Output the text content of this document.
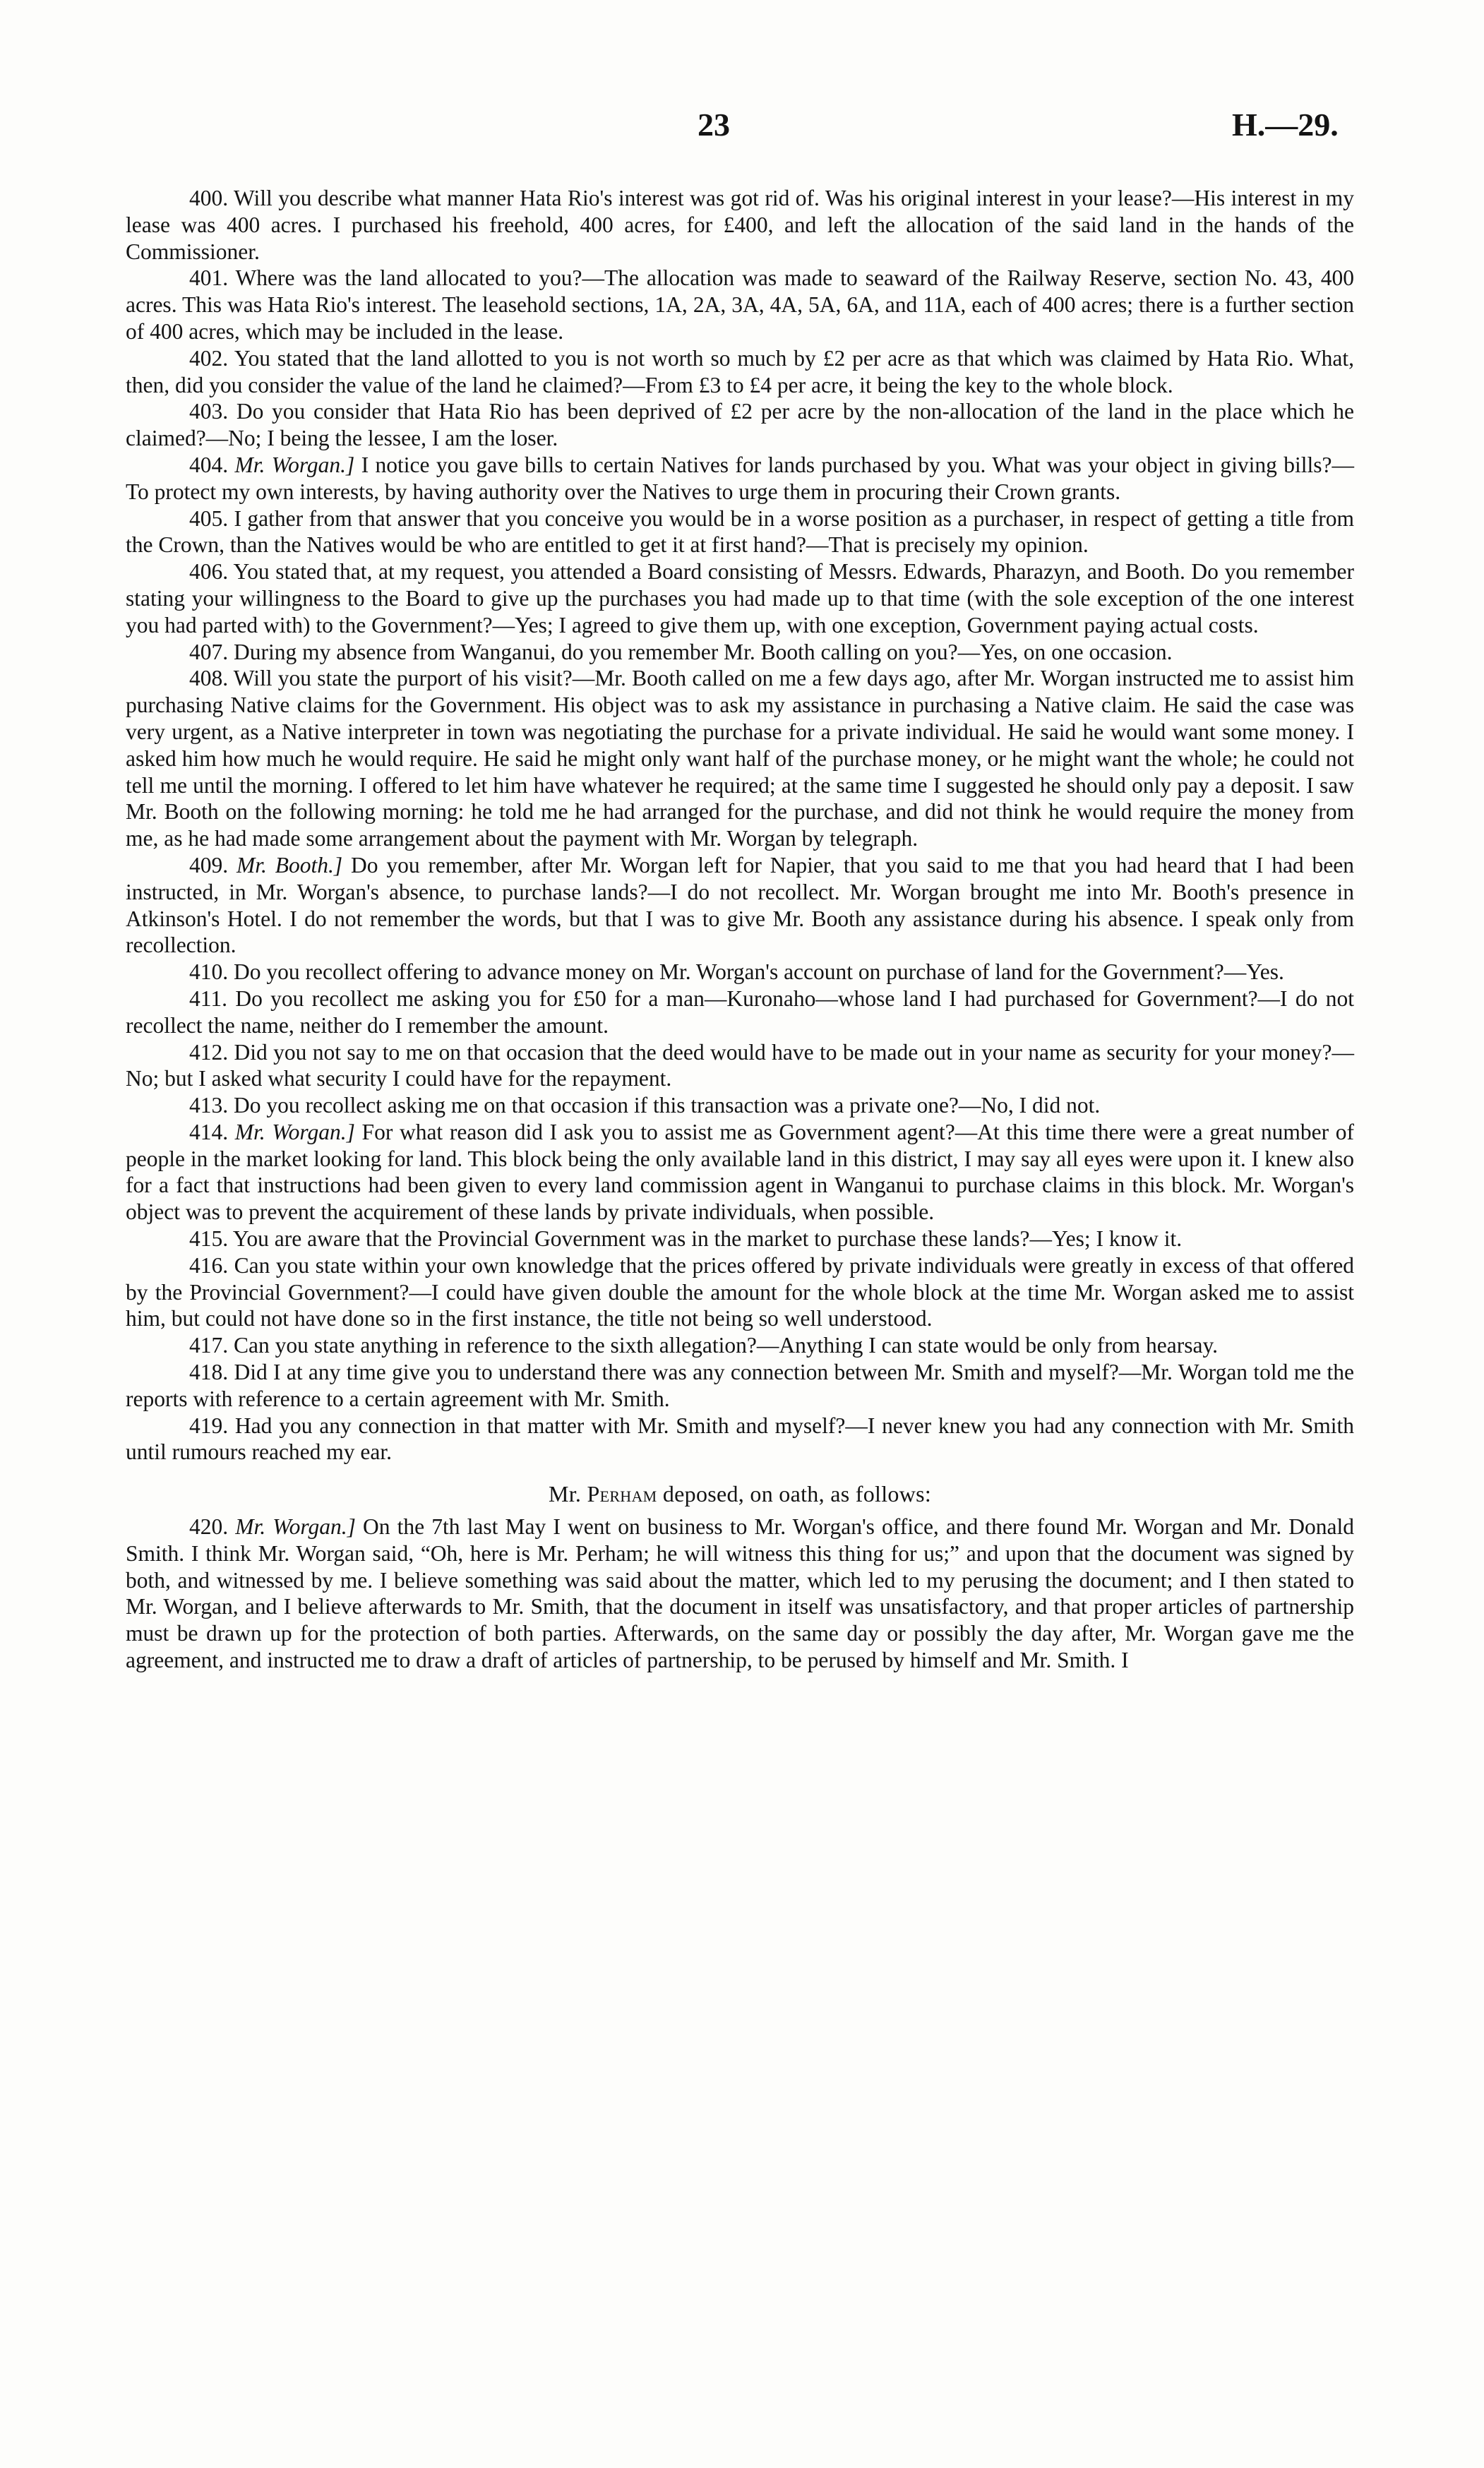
23	H.—29.

400. Will you describe what manner Hata Rio's interest was got rid of. Was his original interest in your lease?—His interest in my lease was 400 acres. I purchased his freehold, 400 acres, for £400, and left the allocation of the said land in the hands of the Commissioner.

401. Where was the land allocated to you?—The allocation was made to seaward of the Railway Reserve, section No. 43, 400 acres. This was Hata Rio's interest. The leasehold sections, 1A, 2A, 3A, 4A, 5A, 6A, and 11A, each of 400 acres; there is a further section of 400 acres, which may be included in the lease.

402. You stated that the land allotted to you is not worth so much by £2 per acre as that which was claimed by Hata Rio. What, then, did you consider the value of the land he claimed?—From £3 to £4 per acre, it being the key to the whole block.

403. Do you consider that Hata Rio has been deprived of £2 per acre by the non-allocation of the land in the place which he claimed?—No; I being the lessee, I am the loser.

404. Mr. Worgan.] I notice you gave bills to certain Natives for lands purchased by you. What was your object in giving bills?—To protect my own interests, by having authority over the Natives to urge them in procuring their Crown grants.

405. I gather from that answer that you conceive you would be in a worse position as a purchaser, in respect of getting a title from the Crown, than the Natives would be who are entitled to get it at first hand?—That is precisely my opinion.

406. You stated that, at my request, you attended a Board consisting of Messrs. Edwards, Pharazyn, and Booth. Do you remember stating your willingness to the Board to give up the purchases you had made up to that time (with the sole exception of the one interest you had parted with) to the Government?—Yes; I agreed to give them up, with one exception, Government paying actual costs.

407. During my absence from Wanganui, do you remember Mr. Booth calling on you?—Yes, on one occasion.

408. Will you state the purport of his visit?—Mr. Booth called on me a few days ago, after Mr. Worgan instructed me to assist him purchasing Native claims for the Government. His object was to ask my assistance in purchasing a Native claim. He said the case was very urgent, as a Native interpreter in town was negotiating the purchase for a private individual. He said he would want some money. I asked him how much he would require. He said he might only want half of the purchase money, or he might want the whole; he could not tell me until the morning. I offered to let him have whatever he required; at the same time I suggested he should only pay a deposit. I saw Mr. Booth on the following morning: he told me he had arranged for the purchase, and did not think he would require the money from me, as he had made some arrangement about the payment with Mr. Worgan by telegraph.

409. Mr. Booth.] Do you remember, after Mr. Worgan left for Napier, that you said to me that you had heard that I had been instructed, in Mr. Worgan's absence, to purchase lands?—I do not recollect. Mr. Worgan brought me into Mr. Booth's presence in Atkinson's Hotel. I do not remember the words, but that I was to give Mr. Booth any assistance during his absence. I speak only from recollection.

410. Do you recollect offering to advance money on Mr. Worgan's account on purchase of land for the Government?—Yes.

411. Do you recollect me asking you for £50 for a man—Kuronaho—whose land I had purchased for Government?—I do not recollect the name, neither do I remember the amount.

412. Did you not say to me on that occasion that the deed would have to be made out in your name as security for your money?—No; but I asked what security I could have for the repayment.

413. Do you recollect asking me on that occasion if this transaction was a private one?—No, I did not.

414. Mr. Worgan.] For what reason did I ask you to assist me as Government agent?—At this time there were a great number of people in the market looking for land. This block being the only available land in this district, I may say all eyes were upon it. I knew also for a fact that instructions had been given to every land commission agent in Wanganui to purchase claims in this block. Mr. Worgan's object was to prevent the acquirement of these lands by private individuals, when possible.

415. You are aware that the Provincial Government was in the market to purchase these lands?—Yes; I know it.

416. Can you state within your own knowledge that the prices offered by private individuals were greatly in excess of that offered by the Provincial Government?—I could have given double the amount for the whole block at the time Mr. Worgan asked me to assist him, but could not have done so in the first instance, the title not being so well understood.

417. Can you state anything in reference to the sixth allegation?—Anything I can state would be only from hearsay.

418. Did I at any time give you to understand there was any connection between Mr. Smith and myself?—Mr. Worgan told me the reports with reference to a certain agreement with Mr. Smith.

419. Had you any connection in that matter with Mr. Smith and myself?—I never knew you had any connection with Mr. Smith until rumours reached my ear.

Mr. Perham deposed, on oath, as follows:

420. Mr. Worgan.] On the 7th last May I went on business to Mr. Worgan's office, and there found Mr. Worgan and Mr. Donald Smith. I think Mr. Worgan said, “Oh, here is Mr. Perham; he will witness this thing for us;” and upon that the document was signed by both, and witnessed by me. I believe something was said about the matter, which led to my perusing the document; and I then stated to Mr. Worgan, and I believe afterwards to Mr. Smith, that the document in itself was unsatisfactory, and that proper articles of partnership must be drawn up for the protection of both parties. Afterwards, on the same day or possibly the day after, Mr. Worgan gave me the agreement, and instructed me to draw a draft of articles of partnership, to be perused by himself and Mr. Smith. I
